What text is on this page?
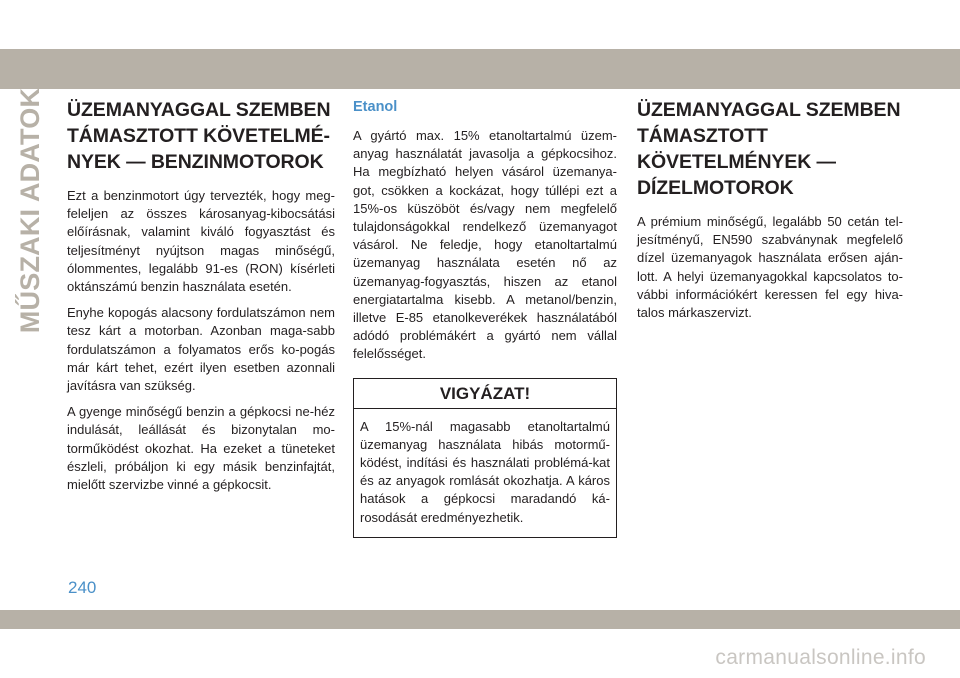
MŰSZAKI ADATOK ÜZEMANYAGGAL SZEMBEN TÁMASZTOTT KÖVETELMÉ-NYEK — BENZINMOTOROK

Ezt a benzinmotort úgy tervezték, hogy meg-feleljen az összes károsanyag-kibocsátási előírásnak, valamint kiváló fogyasztást és teljesítményt nyújtson magas minőségű, ólommentes, legalább 91-es (RON) kísérleti oktánszámú benzin használata esetén.

Enyhe kopogás alacsony fordulatszámon nem tesz kárt a motorban. Azonban maga-sabb fordulatszámon a folyamatos erős ko-pogás már kárt tehet, ezért ilyen esetben azonnali javításra van szükség.

A gyenge minőségű benzin a gépkocsi ne-héz indulását, leállását és bizonytalan mo-torműködést okozhat. Ha ezeket a tüneteket észleli, próbáljon ki egy másik benzinfajtát, mielőtt szervizbe vinné a gépkocsit.

Etanol

A gyártó max. 15% etanoltartalmú üzem-anyag használatát javasolja a gépkocsihoz. Ha megbízható helyen vásárol üzemanya-got, csökken a kockázat, hogy túllépi ezt a 15%-os küszöböt és/vagy nem megfelelő tulajdonságokkal rendelkező üzemanyagot vásárol. Ne feledje, hogy etanoltartalmú üzemanyag használata esetén nő az üzemanyag-fogyasztás, hiszen az etanol energiatartalma kisebb. A metanol/benzin, illetve E-85 etanolkeverékek használatából adódó problémákért a gyártó nem vállal felelősséget.

VIGYÁZAT!
A 15%-nál magasabb etanoltartalmú üzemanyag használata hibás motormű-ködést, indítási és használati problémá-kat és az anyagok romlását okozhatja. A káros hatások a gépkocsi maradandó ká-rosodását eredményezhetik.
ÜZEMANYAGGAL SZEMBEN TÁMASZTOTT KÖVETELMÉNYEK — DÍZELMOTOROK

A prémium minőségű, legalább 50 cetán tel-jesítményű, EN590 szabványnak megfelelő dízel üzemanyagok használata erősen aján-lott. A helyi üzemanyagokkal kapcsolatos to-vábbi információkért keressen fel egy hiva-talos márkaszervizt.

240
carmanualsonline.info
